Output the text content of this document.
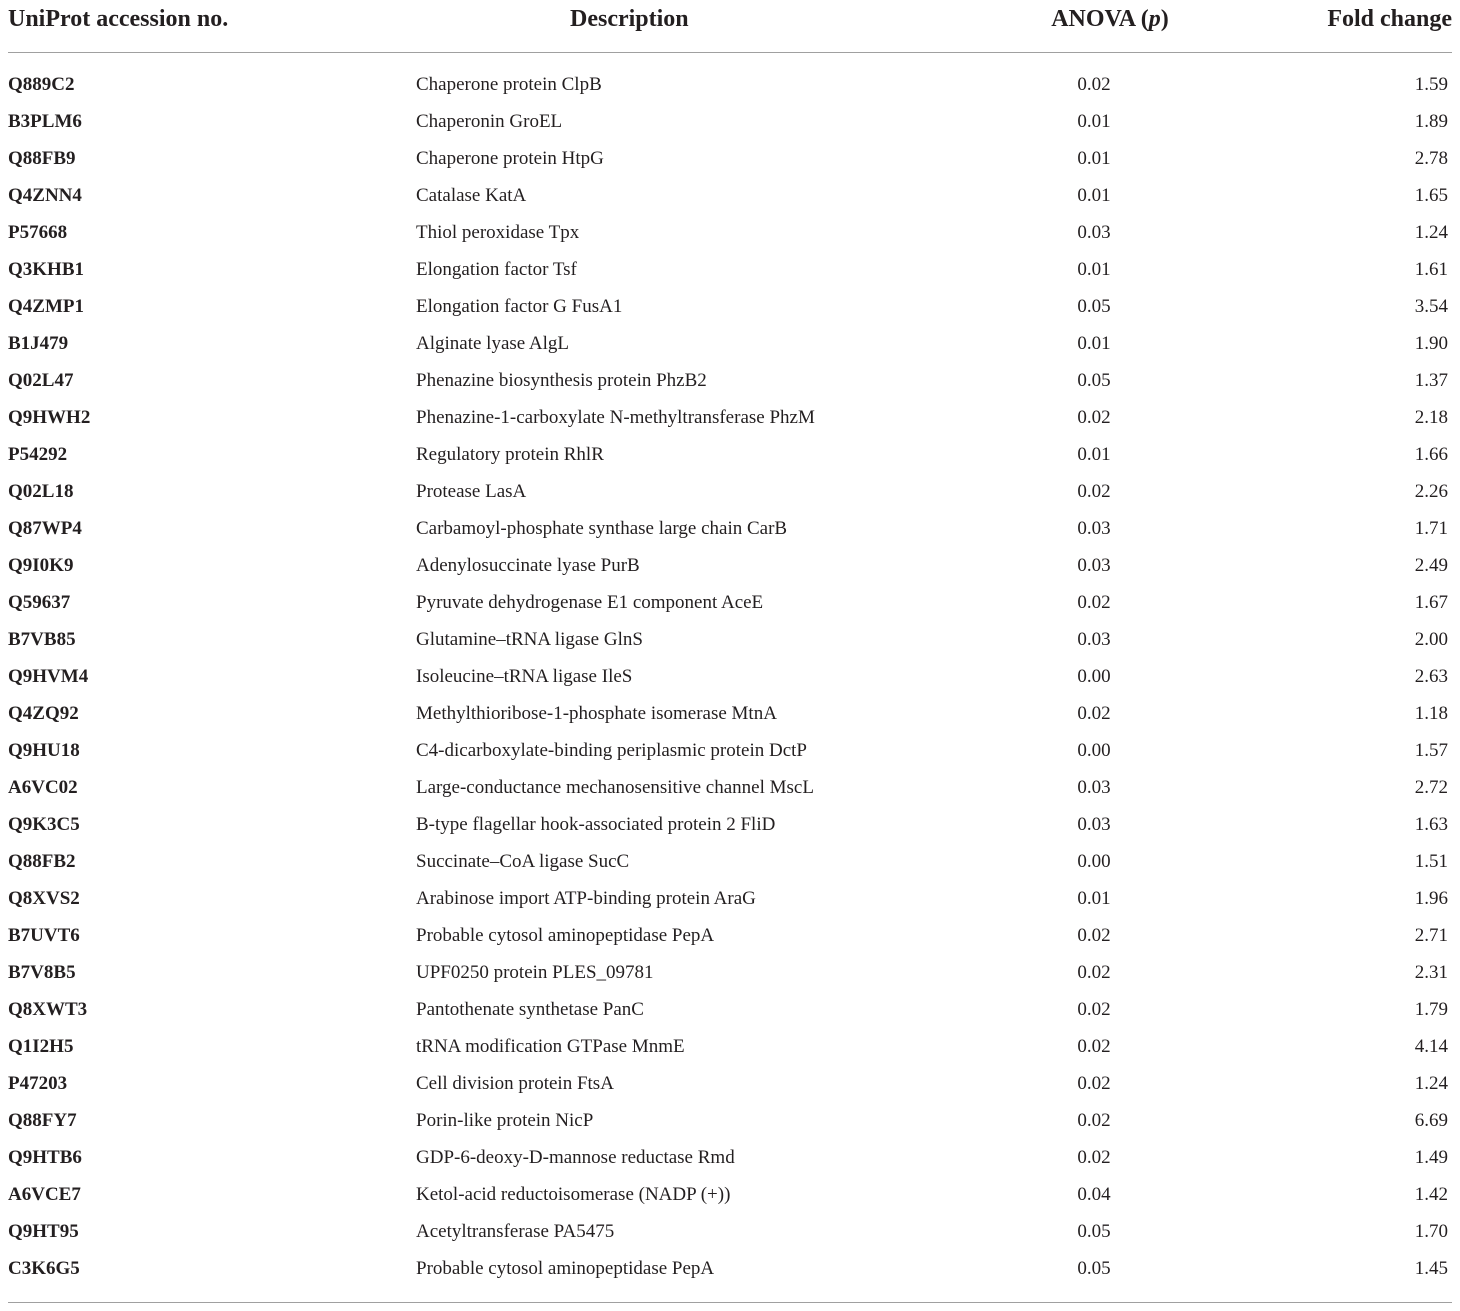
UniProt accession no.	Description	ANOVA (p)	Fold change

Q889C2	Chaperone protein ClpB	0.02	1.59
B3PLM6	Chaperonin GroEL	0.01	1.89
Q88FB9	Chaperone protein HtpG	0.01	2.78
Q4ZNN4	Catalase KatA	0.01	1.65
P57668	Thiol peroxidase Tpx	0.03	1.24
Q3KHB1	Elongation factor Tsf	0.01	1.61
Q4ZMP1	Elongation factor G FusA1	0.05	3.54
B1J479	Alginate lyase AlgL	0.01	1.90
Q02L47	Phenazine biosynthesis protein PhzB2	0.05	1.37
Q9HWH2	Phenazine-1-carboxylate N-methyltransferase PhzM	0.02	2.18
P54292	Regulatory protein RhlR	0.01	1.66
Q02L18	Protease LasA	0.02	2.26
Q87WP4	Carbamoyl-phosphate synthase large chain CarB	0.03	1.71
Q9I0K9	Adenylosuccinate lyase PurB	0.03	2.49
Q59637	Pyruvate dehydrogenase E1 component AceE	0.02	1.67
B7VB85	Glutamine–tRNA ligase GlnS	0.03	2.00
Q9HVM4	Isoleucine–tRNA ligase IleS	0.00	2.63
Q4ZQ92	Methylthioribose-1-phosphate isomerase MtnA	0.02	1.18
Q9HU18	C4-dicarboxylate-binding periplasmic protein DctP	0.00	1.57
A6VC02	Large-conductance mechanosensitive channel MscL	0.03	2.72
Q9K3C5	B-type flagellar hook-associated protein 2 FliD	0.03	1.63
Q88FB2	Succinate–CoA ligase SucC	0.00	1.51
Q8XVS2	Arabinose import ATP-binding protein AraG	0.01	1.96
B7UVT6	Probable cytosol aminopeptidase PepA	0.02	2.71
B7V8B5	UPF0250 protein PLES_09781	0.02	2.31
Q8XWT3	Pantothenate synthetase PanC	0.02	1.79
Q1I2H5	tRNA modification GTPase MnmE	0.02	4.14
P47203	Cell division protein FtsA	0.02	1.24
Q88FY7	Porin-like protein NicP	0.02	6.69
Q9HTB6	GDP-6-deoxy-D-mannose reductase Rmd	0.02	1.49
A6VCE7	Ketol-acid reductoisomerase (NADP (+))	0.04	1.42
Q9HT95	Acetyltransferase PA5475	0.05	1.70
C3K6G5	Probable cytosol aminopeptidase PepA	0.05	1.45
